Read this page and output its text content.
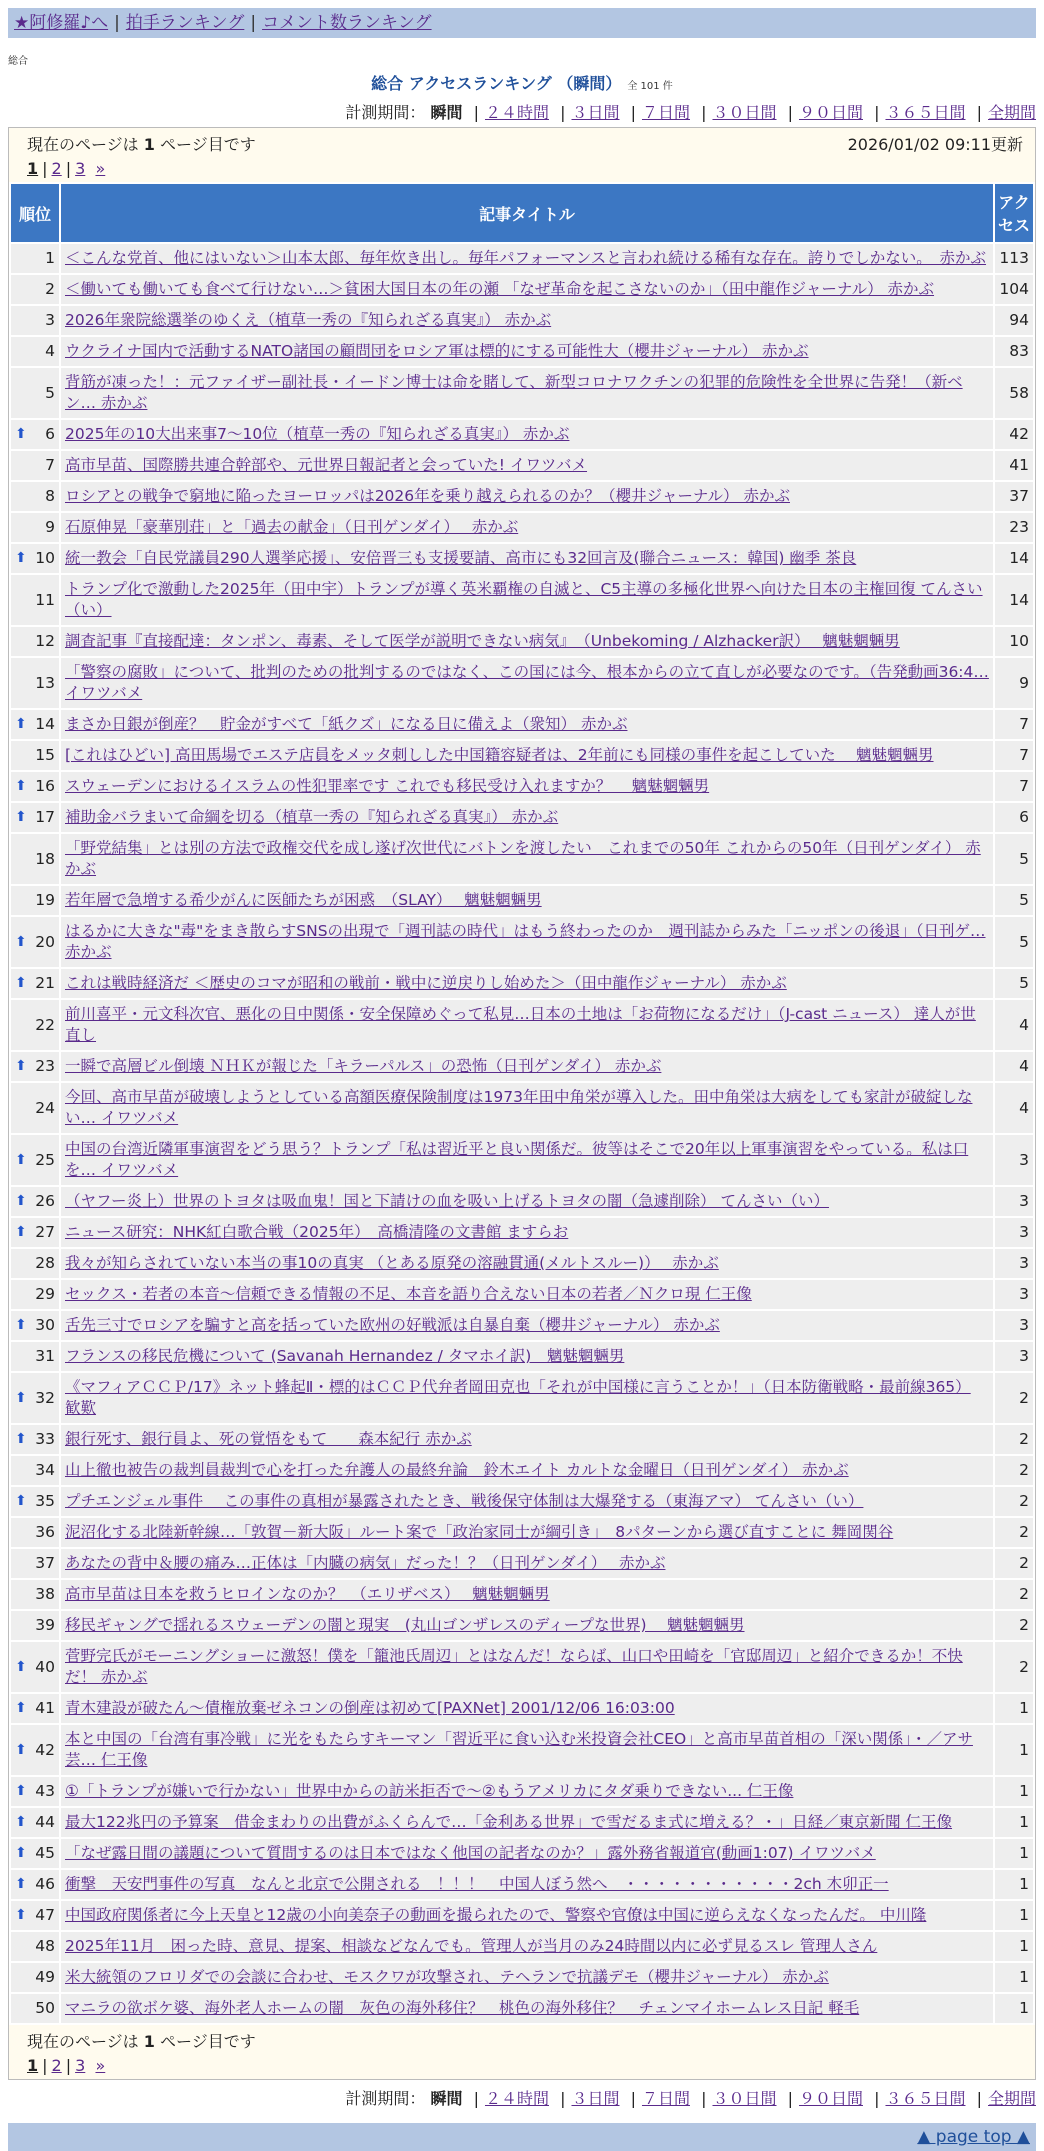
★阿修羅♪へ | 拍手ランキング | コメント数ランキング
総合
総合 アクセスランキング （瞬間） 全 101 件
計測期間： 瞬間 | ２４時間 | ３日間 | ７日間 | ３０日間 | ９０日間 | ３６５日間 | 全期間
現在のページは 1 ページ目です	2026/01/02 09:11更新
1 | 2 | 3 »
順位	記事タイトル	アクセス
1	＜こんな党首、他にはいない＞山本太郎、毎年炊き出し。毎年パフォーマンスと言われ続ける稀有な存在。誇りでしかない。　赤かぶ	113
2	＜働いても働いても食べて行けない…＞貧困大国日本の年の瀬 「なぜ革命を起こさないのか」（田中龍作ジャーナル） 赤かぶ	104
3	2026年衆院総選挙のゆくえ（植草一秀の『知られざる真実』） 赤かぶ	94
4	ウクライナ国内で活動するNATO諸国の顧問団をロシア軍は標的にする可能性大（櫻井ジャーナル） 赤かぶ	83
5	背筋が凍った！：元ファイザー副社長・イードン博士は命を賭して、新型コロナワクチンの犯罪的危険性を全世界に告発！（新ベン… 赤かぶ	58

⬆ 6	2025年の10大出来事7～10位（植草一秀の『知られざる真実』） 赤かぶ	42
7	高市早苗、国際勝共連合幹部や、元世界日報記者と会っていた! イワツバメ	41
8	ロシアとの戦争で窮地に陥ったヨーロッパは2026年を乗り越えられるのか？（櫻井ジャーナル） 赤かぶ	37
9	石原伸晃「豪華別荘」と「過去の献金」（日刊ゲンダイ）　 赤かぶ	23

⬆ 10	統一教会「自民党議員290人選挙応援」、安倍晋三も支援要請、高市にも32回言及(聯合ニュース：韓国) 幽季 茶良	14
11	トランプ化で激動した2025年（田中宇）トランプが導く英米覇権の自滅と、C5主導の多極化世界へ向けた日本の主権回復 てんさい（い）	14
12	調査記事『直接配達：タンポン、毒素、そして医学が説明できない病気』　（Unbekoming / Alzhacker訳）　 魑魅魍魎男	10
13	「警察の腐敗」について、批判のための批判するのではなく、この国には今、根本からの立て直しが必要なのです。（告発動画36:4… イワツバメ	9

⬆ 14	まさか日銀が倒産？　貯金がすべて「紙クズ」になる日に備えよ（衆知） 赤かぶ	7
15	[これはひどい] 高田馬場でエステ店員をメッタ刺しした中国籍容疑者は、2年前にも同様の事件を起こしていた　 魑魅魍魎男	7

⬆ 16	スウェーデンにおけるイスラムの性犯罪率です これでも移民受け入れますか？　 魑魅魍魎男	7

⬆ 17	補助金バラまいて命綱を切る（植草一秀の『知られざる真実』） 赤かぶ	6
18	「野党結集」とは別の方法で政権交代を成し遂げ次世代にバトンを渡したい　これまでの50年 これからの50年（日刊ゲンダイ） 赤かぶ	5
19	若年層で急増する希少がんに医師たちが困惑　（SLAY）　 魑魅魍魎男	5

⬆ 20	はるかに大きな"毒"をまき散らすSNSの出現で「週刊誌の時代」はもう終わったのか　週刊誌からみた「ニッポンの後退」（日刊ゲ… 赤かぶ	5

⬆ 21	これは戦時経済だ ＜歴史のコマが昭和の戦前・戦中に逆戻りし始めた＞（田中龍作ジャーナル） 赤かぶ	5
22	前川喜平・元文科次官、悪化の日中関係・安全保障めぐって私見…日本の土地は「お荷物になるだけ」（J-cast ニュース） 達人が世直し	4

⬆ 23	一瞬で高層ビル倒壊 ＮＨＫが報じた「キラーパルス」の恐怖（日刊ゲンダイ） 赤かぶ	4
24	今回、高市早苗が破壊しようとしている高額医療保険制度は1973年田中角栄が導入した。田中角栄は大病をしても家計が破綻しない… イワツバメ	4

⬆ 25	中国の台湾近隣軍事演習をどう思う？トランプ「私は習近平と良い関係だ。彼等はそこで20年以上軍事演習をやっている。私は口を… イワツバメ	3

⬆ 26	（ヤフー炎上）世界のトヨタは吸血鬼！国と下請けの血を吸い上げるトヨタの闇（急遽削除） てんさい（い）	3

⬆ 27	ニュース研究：NHK紅白歌合戦（2025年）　高橋清隆の文書館 ますらお	3
28	我々が知らされていない本当の事10の真実 （とある原発の溶融貫通(メルトスルー)）　 赤かぶ	3
29	セックス・若者の本音〜信頼できる情報の不足、本音を語り合えない日本の若者／Ｎクロ現 仁王像	3

⬆ 30	舌先三寸でロシアを騙すと高を括っていた欧州の好戦派は自暴自棄（櫻井ジャーナル） 赤かぶ	3
31	フランスの移民危機について (Savanah Hernandez / タマホイ訳)　魑魅魍魎男	3

⬆ 32	《マフィアＣＣＰ/17》ネット蜂起Ⅱ・標的はＣＣＰ代弁者岡田克也「それが中国様に言うことか！」（日本防衛戦略・最前線365） 歓歎	2

⬆ 33	銀行死す、銀行員よ、死の覚悟をもて　　森本紀行 赤かぶ	2
34	山上徹也被告の裁判員裁判で心を打った弁護人の最終弁論　鈴木エイト カルトな金曜日（日刊ゲンダイ） 赤かぶ	2

⬆ 35	プチエンジェル事件　 この事件の真相が暴露されたとき、戦後保守体制は大爆発する（東海アマ） てんさい（い）	2
36	泥沼化する北陸新幹線…「敦賀－新大阪」ルート案で「政治家同士が綱引き」　8パターンから選び直すことに 舞岡関谷	2
37	あなたの背中＆腰の痛み…正体は「内臓の病気」だった！？（日刊ゲンダイ）　 赤かぶ	2
38	高市早苗は日本を救うヒロインなのか？　（エリザベス）　 魑魅魍魎男	2
39	移民ギャングで揺れるスウェーデンの闇と現実　(丸山ゴンザレスのディープな世界)　 魑魅魍魎男	2

⬆ 40	菅野完氏がモーニングショーに激怒！僕を「籠池氏周辺」とはなんだ！ならば、山口や田崎を「官邸周辺」と紹介できるか！不快だ！ 赤かぶ	2

⬆ 41	青木建設が破たん～債権放棄ゼネコンの倒産は初めて[PAXNet] 2001/12/06 16:03:00	1

⬆ 42	本と中国の「台湾有事冷戦」に光をもたらすキーマン「習近平に食い込む米投資会社CEO」と高市早苗首相の「深い関係」・／アサ芸… 仁王像	1

⬆ 43	①「トランプが嫌いで行かない」世界中からの訪米拒否で～②もうアメリカにタダ乗りできない... 仁王像	1

⬆ 44	最大122兆円の予算案　借金まわりの出費がふくらんで…「金利ある世界」で雪だるま式に増える？・」日経／東京新聞 仁王像	1

⬆ 45	「なぜ露日間の議題について質問するのは日本ではなく他国の記者なのか？」露外務省報道官(動画1:07) イワツバメ	1

⬆ 46	衝撃　天安門事件の写真　なんと北京で公開される　！！！　中国人ぼう然へ　・・・・・・・・・・・2ch 木卯正一	1

⬆ 47	中国政府関係者に今上天皇と12歳の小向美奈子の動画を撮られたので、警察や官僚は中国に逆らえなくなったんだ。 中川隆	1
48	2025年11月　困った時、意見、提案、相談などなんでも。管理人が当月のみ24時間以内に必ず見るスレ 管理人さん	1
49	米大統領のフロリダでの会談に合わせ、モスクワが攻撃され、テヘランで抗議デモ（櫻井ジャーナル） 赤かぶ	1
50	マニラの欲ボケ婆、海外老人ホームの闇　灰色の海外移住？　桃色の海外移住？　チェンマイホームレス日記 軽毛	1
現在のページは 1 ページ目です
1 | 2 | 3 »
計測期間： 瞬間 | ２４時間 | ３日間 | ７日間 | ３０日間 | ９０日間 | ３６５日間 | 全期間
▲ page top ▲
